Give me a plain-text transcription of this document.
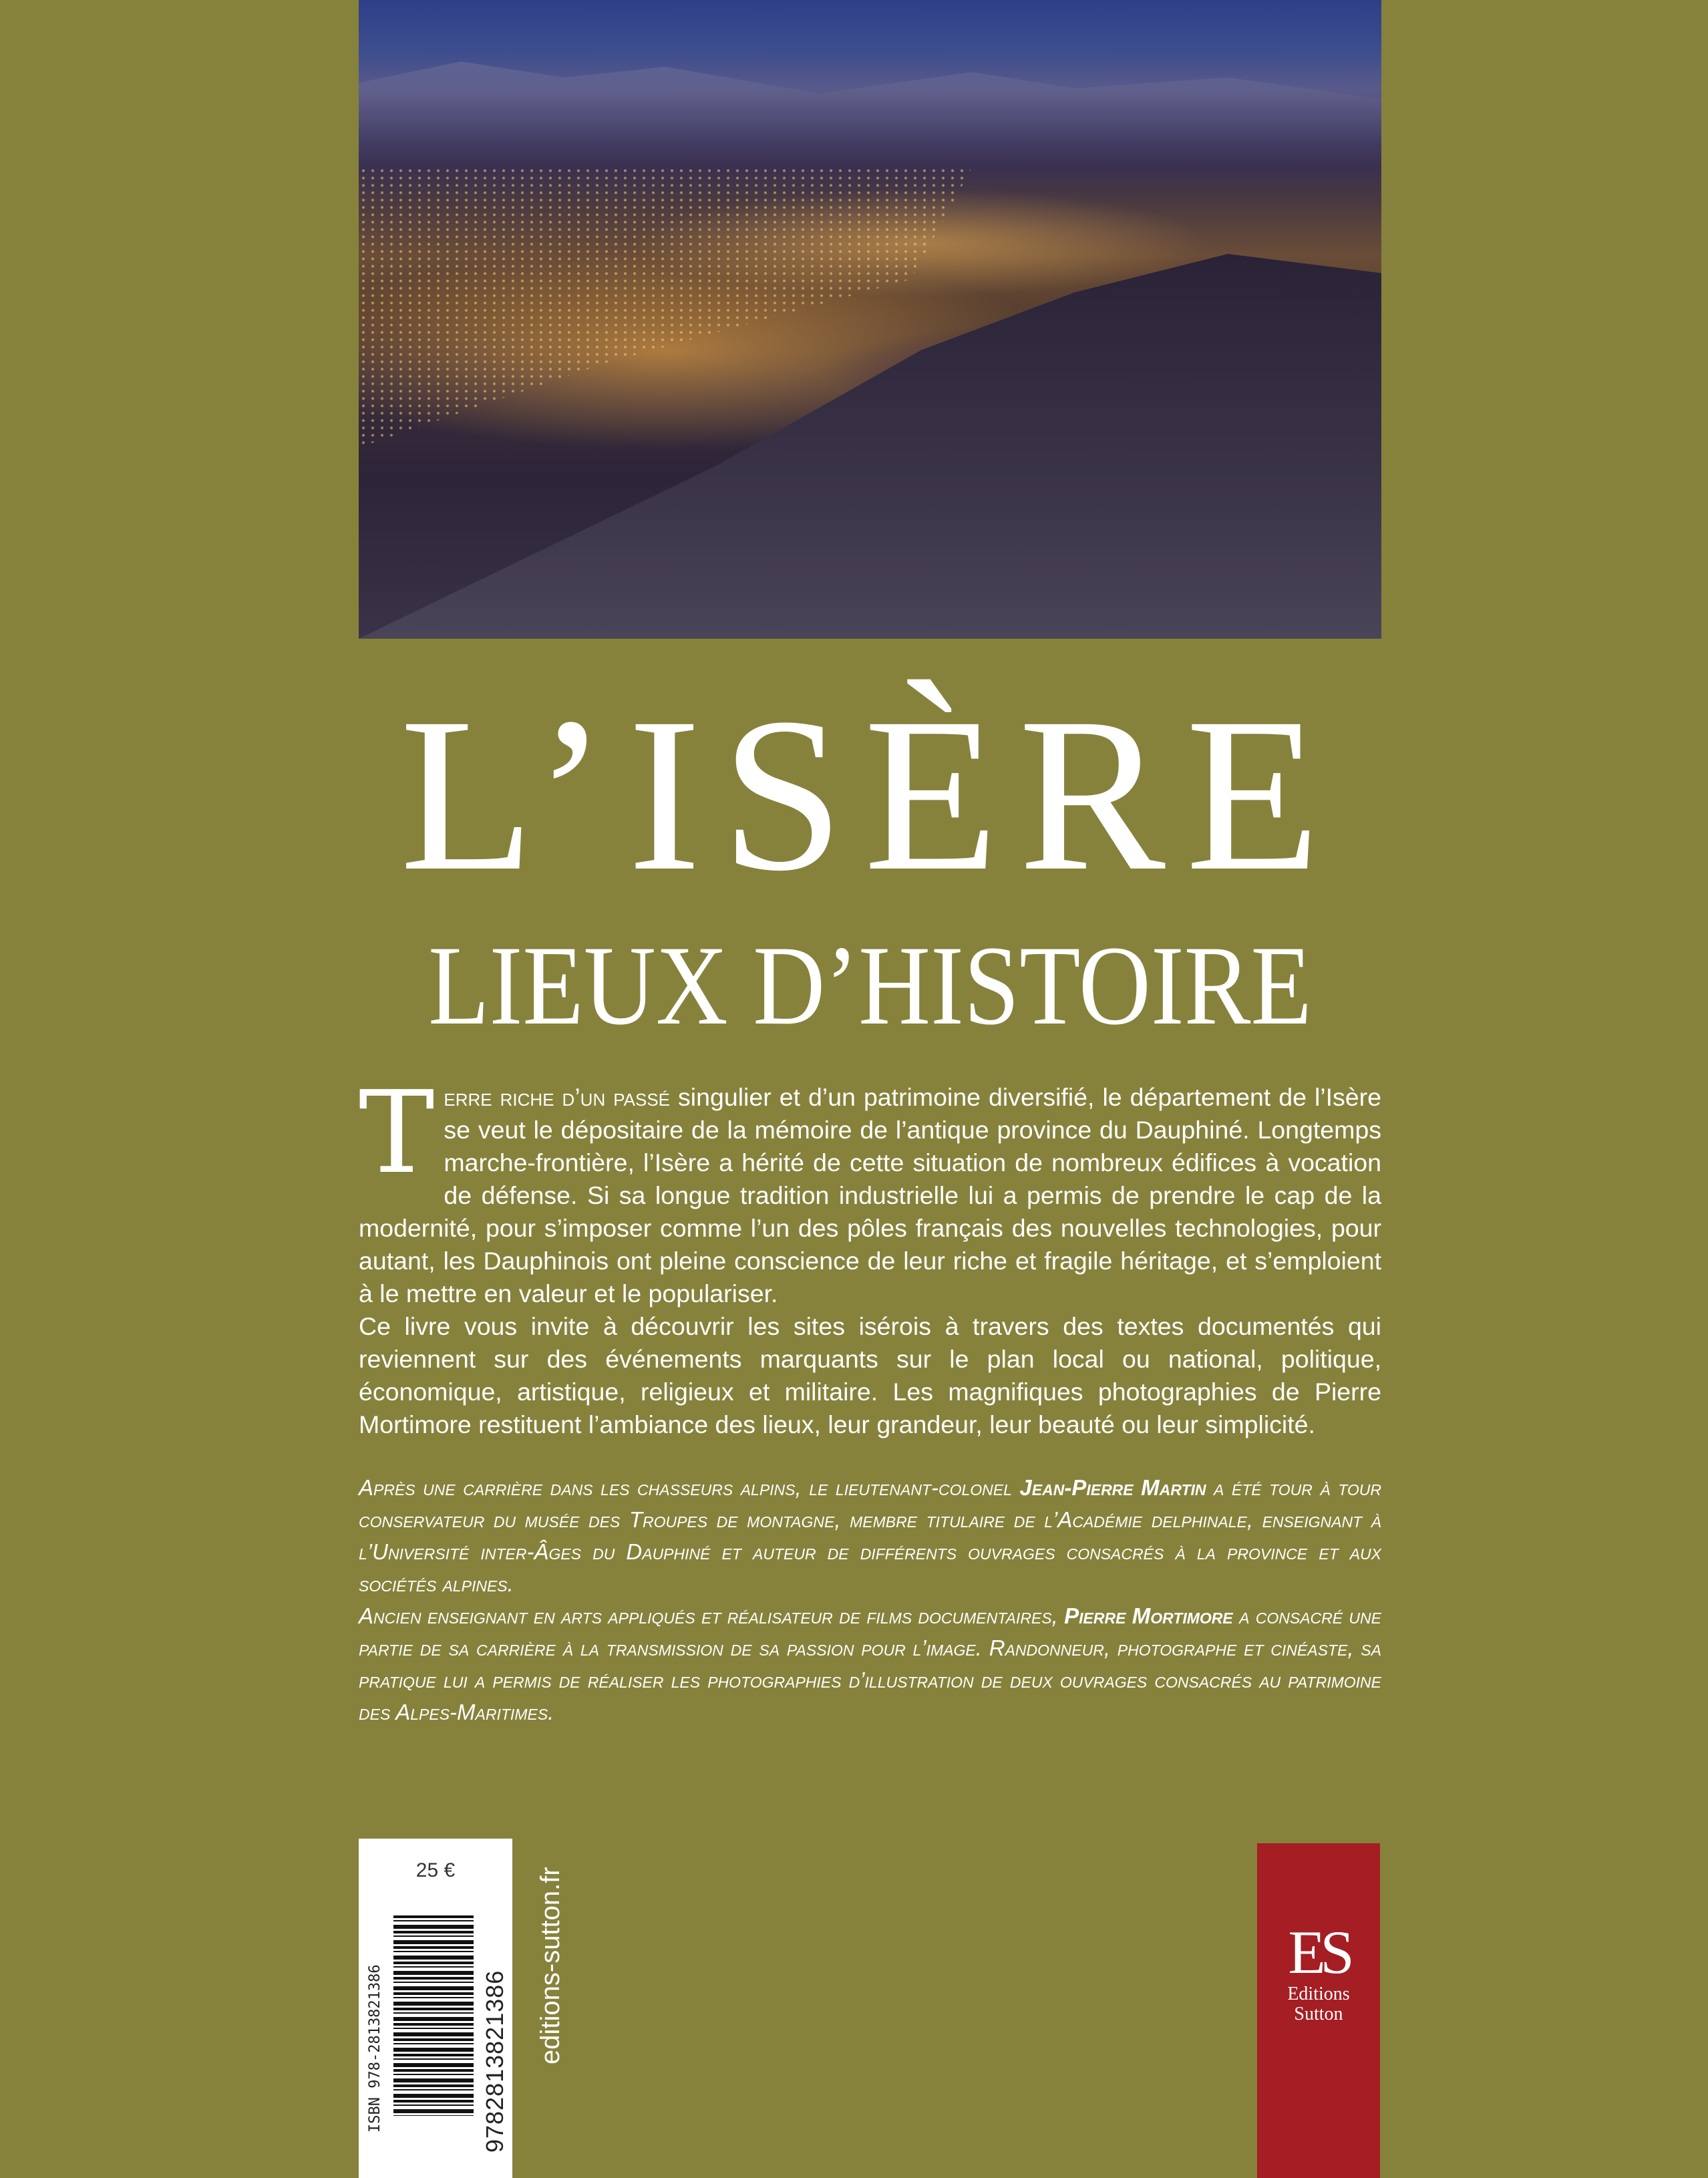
L’ISÈRE
LIEUX D’HISTOIRE

Terre riche d’un passé singulier et d’un patrimoine diversifié, le département de l’Isère se veut le dépositaire de la mémoire de l’antique province du Dauphiné. Longtemps marche-frontière, l’Isère a hérité de cette situation de nombreux édifices à vocation de défense. Si sa longue tradition industrielle lui a permis de prendre le cap de la modernité, pour s’imposer comme l’un des pôles français des nouvelles technologies, pour autant, les Dauphinois ont pleine conscience de leur riche et fragile héritage, et s’emploient à le mettre en valeur et le populariser.

Ce livre vous invite à découvrir les sites isérois à travers des textes documentés qui reviennent sur des événements marquants sur le plan local ou national, politique, économique, artistique, religieux et militaire. Les magnifiques photographies de Pierre Mortimore restituent l’ambiance des lieux, leur grandeur, leur beauté ou leur simplicité.

Après une carrière dans les chasseurs alpins, le lieutenant-colonel Jean-Pierre Martin a été tour à tour conservateur du musée des Troupes de montagne, membre titulaire de l’Académie delphinale, enseignant à l’Université inter-Âges du Dauphiné et auteur de différents ouvrages consacrés à la province et aux sociétés alpines.

Ancien enseignant en arts appliqués et réalisateur de films documentaires, Pierre Mortimore a consacré une partie de sa carrière à la transmission de sa passion pour l’image. Randonneur, photographe et cinéaste, sa pratique lui a permis de réaliser les photographies d’illustration de deux ouvrages consacrés au patrimoine des Alpes-Maritimes.

25 €
ISBN 978-2813821386	9782813821386 editions-sutton.fr	ES
Editions
Sutton
